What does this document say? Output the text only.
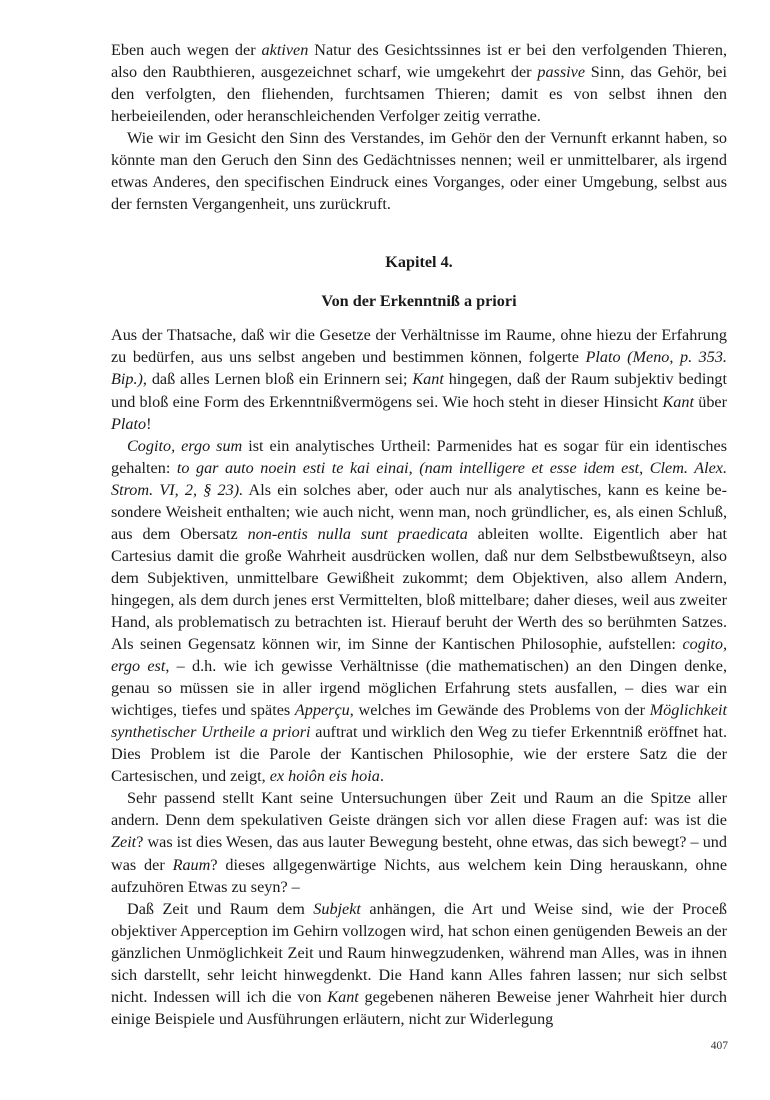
Eben auch wegen der aktiven Natur des Gesichtssinnes ist er bei den verfolgenden Thieren, also den Raubthieren, ausgezeichnet scharf, wie umgekehrt der passive Sinn, das Gehör, bei den verfolgten, den fliehenden, furchtsamen Thieren; damit es von selbst ihnen den herbeieilenden, oder heranschleichenden Verfolger zeitig verrathe.

Wie wir im Gesicht den Sinn des Verstandes, im Gehör den der Vernunft erkannt haben, so könnte man den Geruch den Sinn des Gedächtnisses nennen; weil er unmittelbarer, als irgend etwas Anderes, den specifischen Eindruck eines Vorganges, oder einer Umgebung, selbst aus der fernsten Vergangenheit, uns zurückruft.

Kapitel 4.
Von der Erkenntniß a priori

Aus der Thatsache, daß wir die Gesetze der Verhältnisse im Raume, ohne hiezu der Erfahrung zu bedürfen, aus uns selbst angeben und bestimmen können, folgerte Plato (Meno, p. 353. Bip.), daß alles Lernen bloß ein Erinnern sei; Kant hingegen, daß der Raum subjektiv bedingt und bloß eine Form des Erkenntnißvermögens sei. Wie hoch steht in dieser Hinsicht Kant über Plato!

Cogito, ergo sum ist ein analytisches Urtheil: Parmenides hat es sogar für ein identisches gehalten: to gar auto noein esti te kai einai, (nam intelligere et esse idem est, Clem. Alex. Strom. VI, 2, § 23). Als ein solches aber, oder auch nur als analytisches, kann es keine besondere Weisheit enthalten; wie auch nicht, wenn man, noch gründlicher, es, als einen Schluß, aus dem Obersatz non-entis nulla sunt praedicata ableiten wollte. Eigentlich aber hat Cartesius damit die große Wahrheit ausdrücken wollen, daß nur dem Selbstbewußtseyn, also dem Subjektiven, unmittelbare Gewißheit zukommt; dem Objektiven, also allem Andern, hingegen, als dem durch jenes erst Vermittelten, bloß mittelbare; daher dieses, weil aus zweiter Hand, als problematisch zu betrachten ist. Hierauf beruht der Werth des so berühmten Satzes. Als seinen Gegensatz können wir, im Sinne der Kantischen Philosophie, aufstellen: cogito, ergo est, – d.h. wie ich gewisse Verhältnisse (die mathematischen) an den Dingen denke, genau so müssen sie in aller irgend möglichen Erfahrung stets ausfallen, – dies war ein wichtiges, tiefes und spätes Apperçu, welches im Gewände des Problems von der Möglichkeit synthetischer Urtheile a priori auftrat und wirklich den Weg zu tiefer Erkenntniß eröffnet hat. Dies Problem ist die Parole der Kantischen Philosophie, wie der erstere Satz die der Cartesischen, und zeigt, ex hoiôn eis hoia.

Sehr passend stellt Kant seine Untersuchungen über Zeit und Raum an die Spitze aller andern. Denn dem spekulativen Geiste drängen sich vor allen diese Fragen auf: was ist die Zeit? was ist dies Wesen, das aus lauter Bewegung besteht, ohne etwas, das sich bewegt? – und was der Raum? dieses allgegenwärtige Nichts, aus welchem kein Ding herauskann, ohne aufzuhören Etwas zu seyn? –

Daß Zeit und Raum dem Subjekt anhängen, die Art und Weise sind, wie der Proceß objektiver Apperception im Gehirn vollzogen wird, hat schon einen genügenden Beweis an der gänzlichen Unmöglichkeit Zeit und Raum hinwegzudenken, während man Alles, was in ihnen sich darstellt, sehr leicht hinwegdenkt. Die Hand kann Alles fahren lassen; nur sich selbst nicht. Indessen will ich die von Kant gegebenen näheren Beweise jener Wahrheit hier durch einige Beispiele und Ausführungen erläutern, nicht zur Widerlegung

407
